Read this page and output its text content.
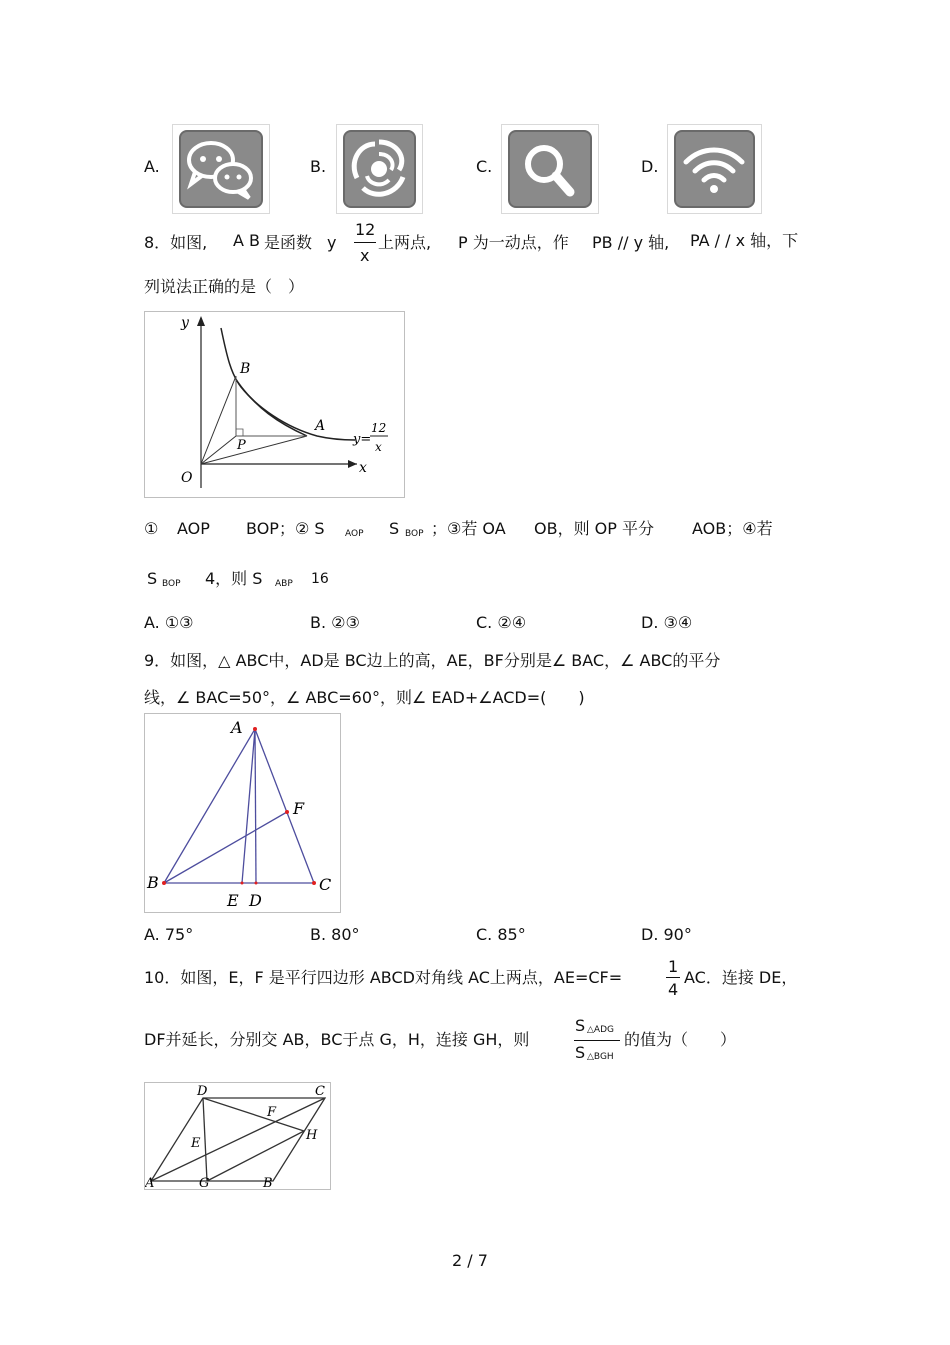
A.	B.	C.	D.
8．如图, A B 是函数 y
12
x
上两点, P 为一动点，作 PB // y 轴, PA / / x 轴，下
列说法正确的是（　）
y
x
O
B
A
P	y=
12
x
① AOP BOP；② S AOP S BOP ；③若 OA OB，则 OP 平分 AOB；④若
S BOP 4，则 S ABP 16
A. ①③	B. ②③	C. ②④	D. ③④
9．如图，△ ABC中，AD是 BC边上的高，AE，BF分别是∠ BAC，∠ ABC的平分
线，∠ BAC=50°，∠ ABC=60°，则∠ EAD+∠ACD=(　　)
A
B	C
F
E D
A. 75°	B. 80°	C. 85°	D. 90°
10．如图，E，F 是平行四边形 ABCD对角线 AC上两点，AE=CF=
1
4
AC．连接 DE，
DF并延长，分别交 AB，BC于点 G，H，连接 GH，则
S △ADG
S △BGH
的值为（　　）
D	C
F
H
E
A	G	B
2 / 7
